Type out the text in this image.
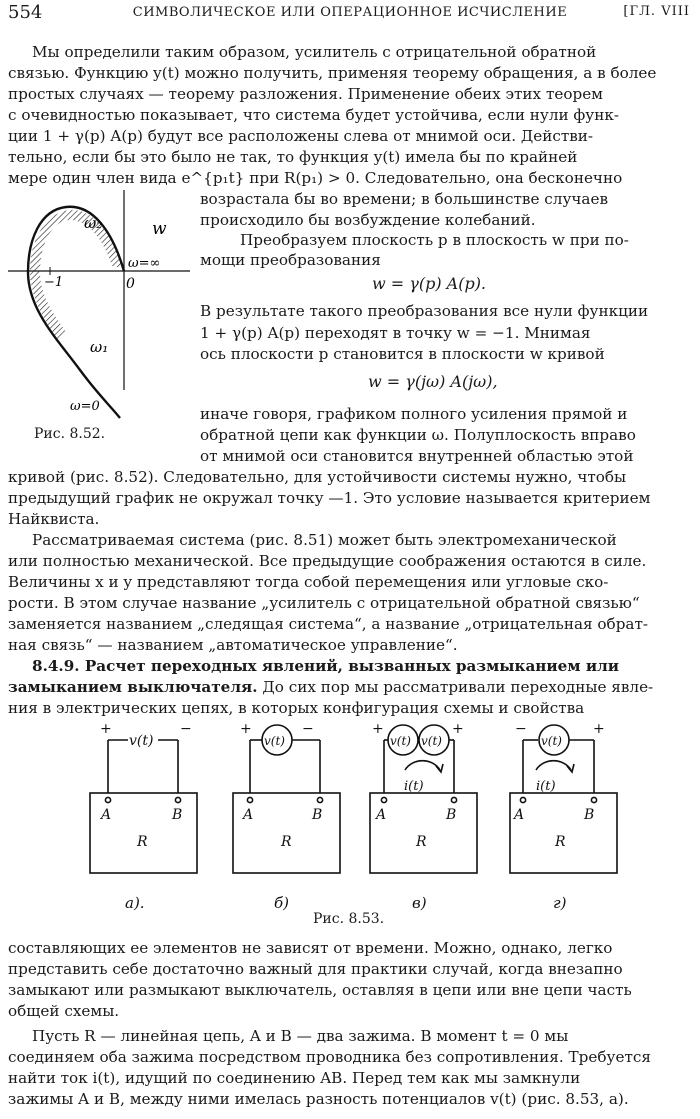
554	СИМВОЛИЧЕСКОЕ ИЛИ ОПЕРАЦИОННОЕ ИСЧИСЛЕНИЕ	[ГЛ. VIII
Мы определили таким образом, усилитель с отрицательной обратной
связью. Функцию y(t) можно получить, применяя теорему обращения, а в более
простых случаях — теорему разложения. Применение обеих этих теорем
с очевидностью показывает, что система будет устойчива, если нули функ-
ции 1 + γ(p) A(p) будут все расположены слева от мнимой оси. Действи-
тельно, если бы это было не так, то функция y(t) имела бы по крайней
мере один член вида e^{p₁t} при R(p₁) > 0. Следовательно, она бесконечно
возрастала бы во времени; в большинстве случаев
происходило бы возбуждение колебаний.
Преобразуем плоскость p в плоскость w при по-
мощи преобразования
w = γ(p) A(p).
В результате такого преобразования все нули функции
1 + γ(p) A(p) переходят в точку w = −1. Мнимая
ось плоскости p становится в плоскости w кривой
w = γ(jω) A(jω),
иначе говоря, графиком полного усиления прямой и
обратной цепи как функции ω. Полуплоскость вправо
от мнимой оси становится внутренней областью этой
кривой (рис. 8.52). Следовательно, для устойчивости системы нужно, чтобы
предыдущий график не окружал точку —1. Это условие называется критерием
Найквиста.
ω₂	w
ω=∞
−1	0
ω₁
ω=0
Рис. 8.52.
Рассматриваемая система (рис. 8.51) может быть электромеханической
или полностью механической. Все предыдущие соображения остаются в силе.
Величины x и y представляют тогда собой перемещения или угловые ско-
рости. В этом случае название „усилитель с отрицательной обратной связью“
заменяется названием „следящая система“, а название „отрицательная обрат-
ная связь“ — названием „автоматическое управление“.
8.4.9. Расчет переходных явлений, вызванных размыканием или
замыканием выключателя. До сих пор мы рассматривали переходные явле-
ния в электрических цепях, в которых конфигурация схемы и свойства
+	−
v(t)
A	B
R
a).
+	−
v(t)
A	B
R
б)
+	+
v(t) v(t)
i(t)
A	B
R
в)
−	+
v(t)
i(t)
A	B
R
г)
Рис. 8.53.
составляющих ее элементов не зависят от времени. Можно, однако, легко
представить себе достаточно важный для практики случай, когда внезапно
замыкают или размыкают выключатель, оставляя в цепи или вне цепи часть
общей схемы.
Пусть R — линейная цепь, A и B — два зажима. В момент t = 0 мы
соединяем оба зажима посредством проводника без сопротивления. Требуется
найти ток i(t), идущий по соединению AB. Перед тем как мы замкнули
зажимы A и B, между ними имелась разность потенциалов v(t) (рис. 8.53, a).
